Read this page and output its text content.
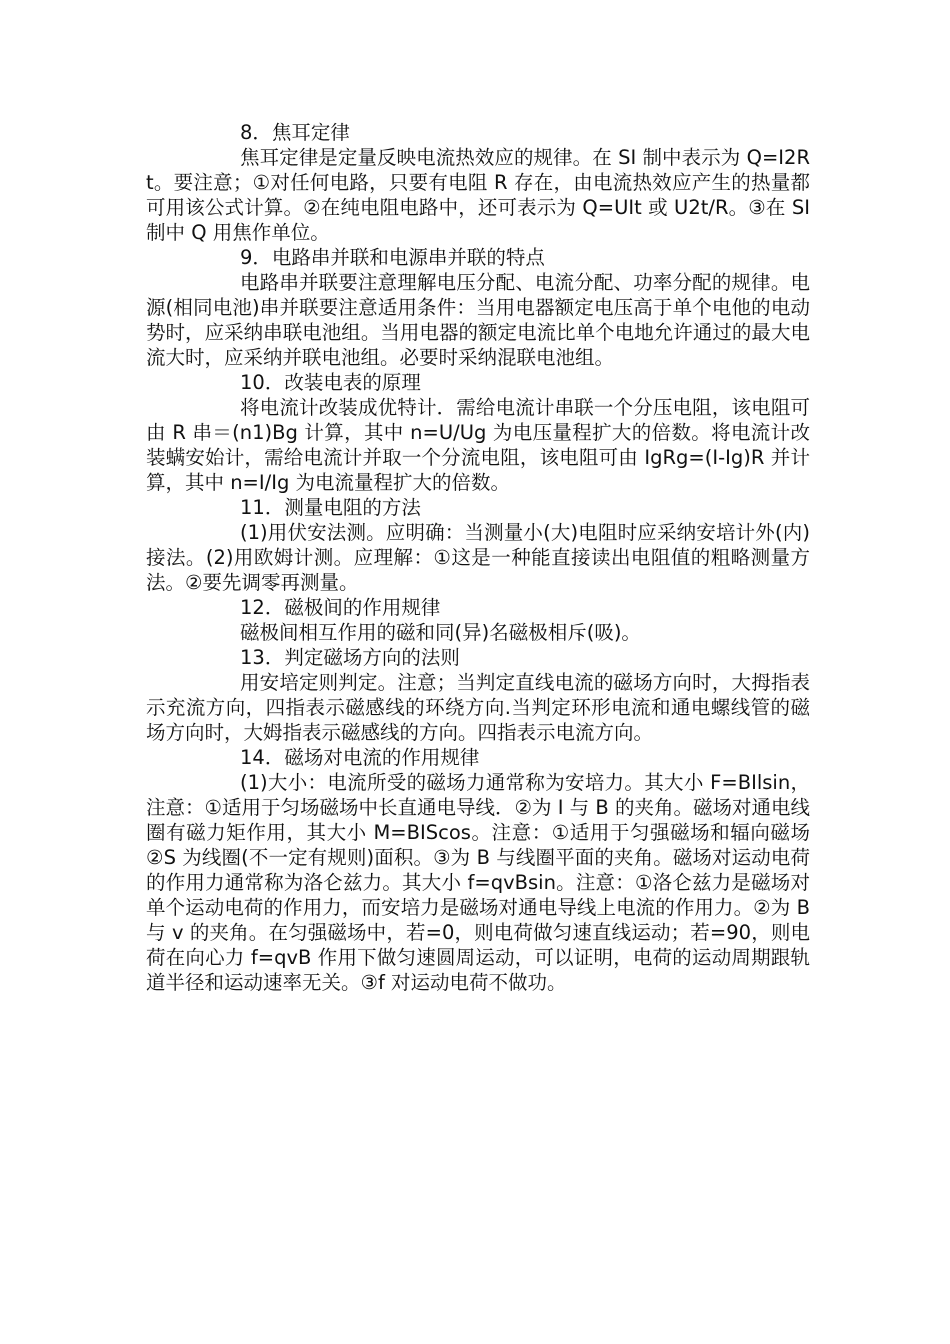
8．焦耳定律

焦耳定律是定量反映电流热效应的规律。在 SI 制中表示为 Q=I2Rt。要注意；①对任何电路，只要有电阻 R 存在，由电流热效应产生的热量都可用该公式计算。②在纯电阻电路中，还可表示为 Q=UIt 或 U2t/R。③在 SI 制中 Q 用焦作单位。

9．电路串并联和电源串并联的特点

电路串并联要注意理解电压分配、电流分配、功率分配的规律。电源(相同电池)串并联要注意适用条件：当用电器额定电压高于单个电他的电动势时，应采纳串联电池组。当用电器的额定电流比单个电地允许通过的最大电流大时，应采纳并联电池组。必要时采纳混联电池组。

10．改装电表的原理

将电流计改装成优特计．需给电流计串联一个分压电阻，该电阻可由 R 串＝(n1)Bg 计算，其中 n=U/Ug 为电压量程扩大的倍数。将电流计改装螨安始计，需给电流计并取一个分流电阻，该电阻可由 IgRg=(I-Ig)R 并计算，其中 n=I/Ig 为电流量程扩大的倍数。

11．测量电阻的方法

(1)用伏安法测。应明确：当测量小(大)电阻时应采纳安培计外(内)接法。(2)用欧姆计测。应理解：①这是一种能直接读出电阻值的粗略测量方法。②要先调零再测量。

12．磁极间的作用规律

磁极间相互作用的磁和同(异)名磁极相斥(吸)。

13．判定磁场方向的法则

用安培定则判定。注意；当判定直线电流的磁场方向时，大拇指表示充流方向，四指表示磁感线的环绕方向.当判定环形电流和通电螺线管的磁场方向时，大姆指表示磁感线的方向。四指表示电流方向。

14．磁场对电流的作用规律

(1)大小：电流所受的磁场力通常称为安培力。其大小 F=BIlsin，注意：①适用于匀场磁场中长直通电导线．②为 I 与 B 的夹角。磁场对通电线圈有磁力矩作用，其大小 M=BIScos。注意：①适用于匀强磁场和辐向磁场②S 为线圈(不一定有规则)面积。③为 B 与线圈平面的夹角。磁场对运动电荷的作用力通常称为洛仑兹力。其大小 f=qvBsin。注意：①洛仑兹力是磁场对单个运动电荷的作用力，而安培力是磁场对通电导线上电流的作用力。②为 B 与 v 的夹角。在匀强磁场中，若=0，则电荷做匀速直线运动；若=90，则电荷在向心力 f=qvB 作用下做匀速圆周运动，可以证明，电荷的运动周期跟轨道半径和运动速率无关。③f 对运动电荷不做功。
